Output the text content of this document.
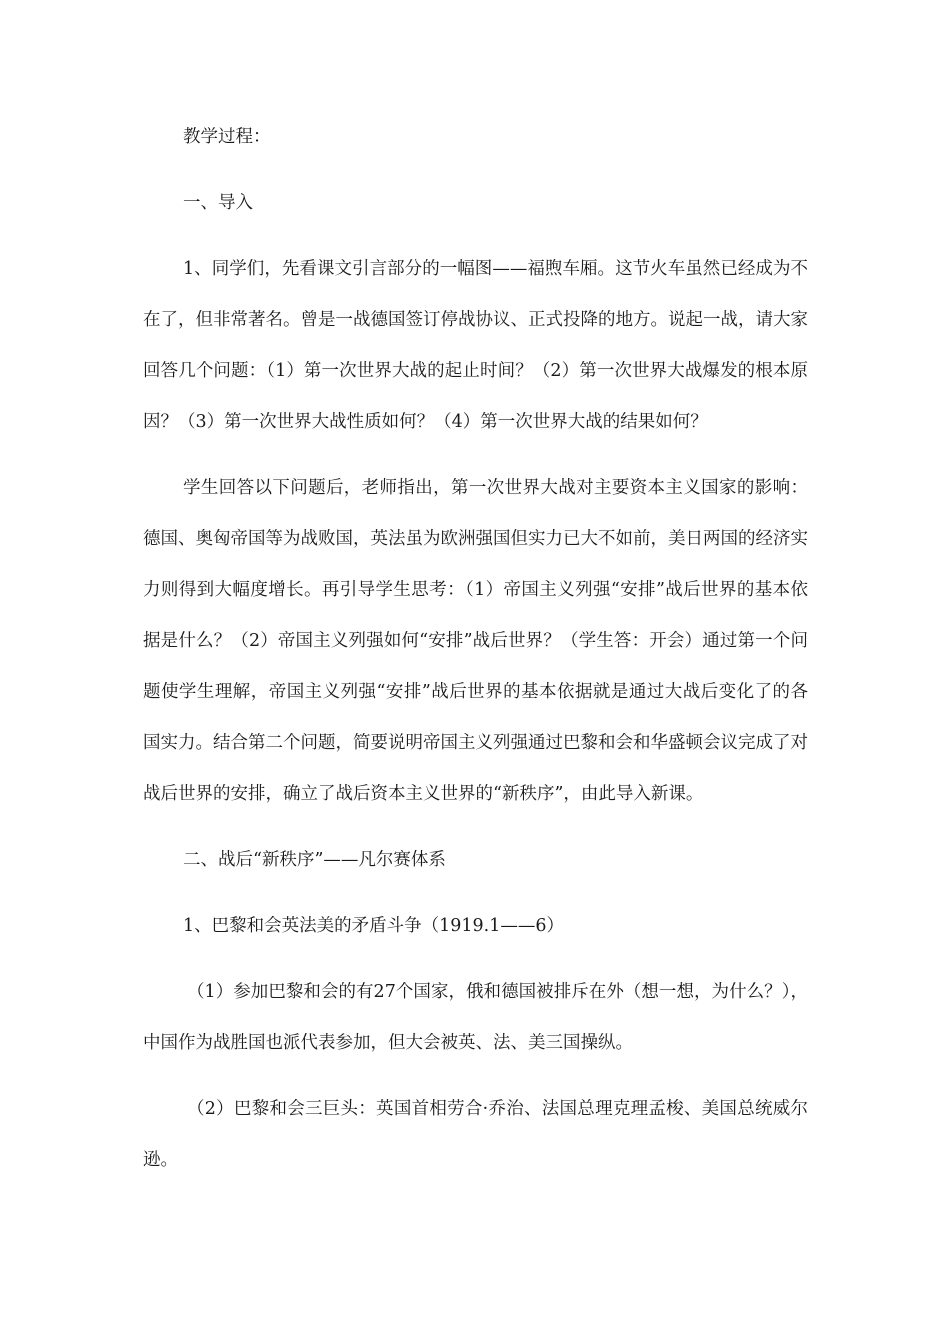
教学过程：

一、导入

1、同学们，先看课文引言部分的一幅图——福煦车厢。这节火车虽然已经成为不在了，但非常著名。曾是一战德国签订停战协议、正式投降的地方。说起一战，请大家回答几个问题：（1）第一次世界大战的起止时间？（2）第一次世界大战爆发的根本原因？（3）第一次世界大战性质如何？（4）第一次世界大战的结果如何？

学生回答以下问题后，老师指出，第一次世界大战对主要资本主义国家的影响：德国、奥匈帝国等为战败国，英法虽为欧洲强国但实力已大不如前，美日两国的经济实力则得到大幅度增长。再引导学生思考：（1）帝国主义列强“安排”战后世界的基本依据是什么？（2）帝国主义列强如何“安排”战后世界？（学生答：开会）通过第一个问题使学生理解，帝国主义列强“安排”战后世界的基本依据就是通过大战后变化了的各国实力。结合第二个问题，简要说明帝国主义列强通过巴黎和会和华盛顿会议完成了对战后世界的安排，确立了战后资本主义世界的“新秩序”，由此导入新课。

二、战后“新秩序”——凡尔赛体系

1、巴黎和会英法美的矛盾斗争（1919.1——6）

（1）参加巴黎和会的有27个国家，俄和德国被排斥在外（想一想，为什么？），中国作为战胜国也派代表参加，但大会被英、法、美三国操纵。

（2）巴黎和会三巨头：英国首相劳合·乔治、法国总理克理孟梭、美国总统威尔逊。
